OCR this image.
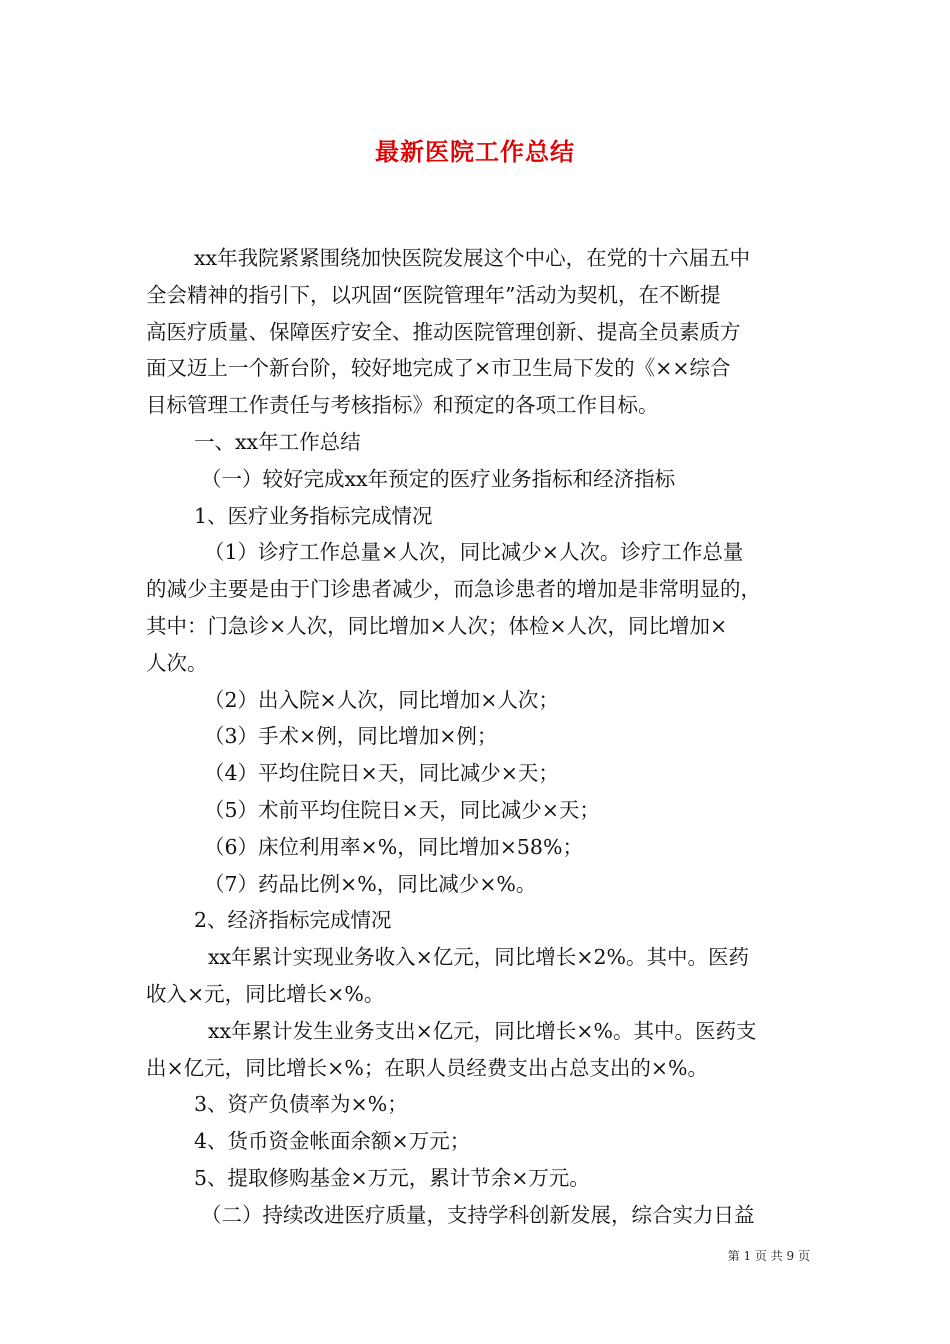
最新医院工作总结
xx年我院紧紧围绕加快医院发展这个中心，在党的十六届五中
全会精神的指引下，以巩固“医院管理年”活动为契机，在不断提
高医疗质量、保障医疗安全、推动医院管理创新、提高全员素质方
面又迈上一个新台阶，较好地完成了×市卫生局下发的《××综合
目标管理工作责任与考核指标》和预定的各项工作目标。
一、xx年工作总结
（一）较好完成xx年预定的医疗业务指标和经济指标
1、医疗业务指标完成情况
（1）诊疗工作总量×人次，同比减少×人次。诊疗工作总量
的减少主要是由于门诊患者减少，而急诊患者的增加是非常明显的，
其中：门急诊×人次，同比增加×人次；体检×人次，同比增加×
人次。
（2）出入院×人次，同比增加×人次；
（3）手术×例，同比增加×例；
（4）平均住院日×天，同比减少×天；
（5）术前平均住院日×天，同比减少×天；
（6）床位利用率×%，同比增加×58%；
（7）药品比例×%，同比减少×%。
2、经济指标完成情况
xx年累计实现业务收入×亿元，同比增长×2%。其中。医药
收入×元，同比增长×%。
xx年累计发生业务支出×亿元，同比增长×%。其中。医药支
出×亿元，同比增长×%；在职人员经费支出占总支出的×%。
3、资产负债率为×%；
4、货币资金帐面余额×万元；
5、提取修购基金×万元，累计节余×万元。
（二）持续改进医疗质量，支持学科创新发展，综合实力日益
第 1 页 共 9 页
